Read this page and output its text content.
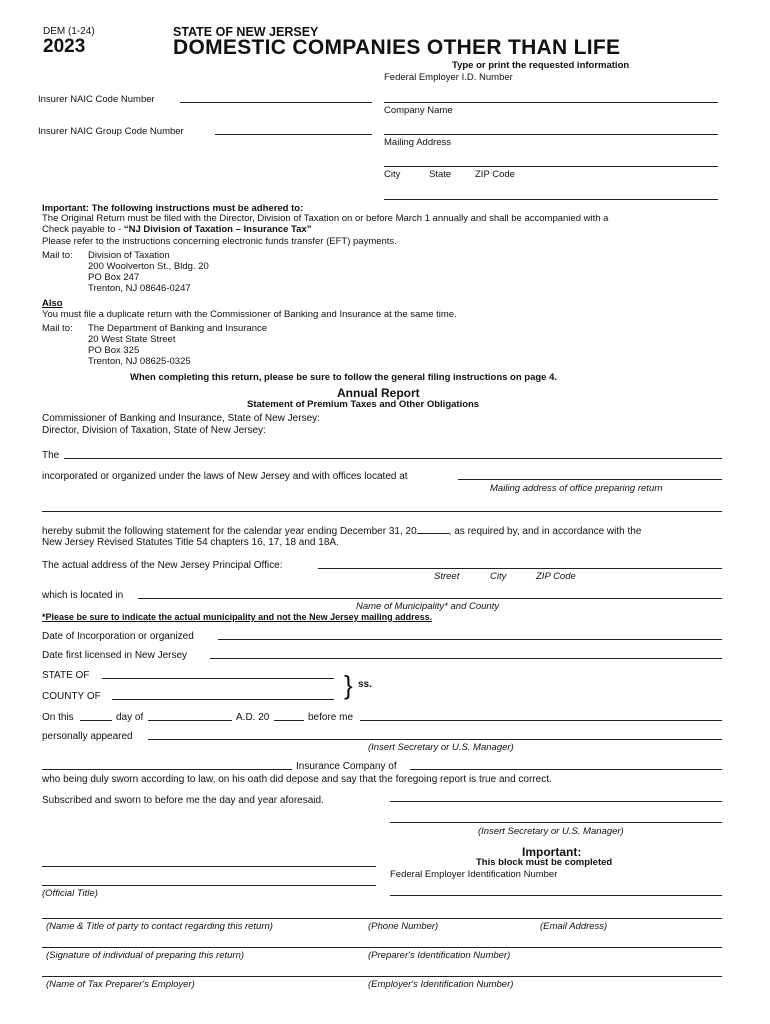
DEM (1-24)
2023
STATE OF NEW JERSEY
DOMESTIC COMPANIES OTHER THAN LIFE
Type or print the requested information
Federal Employer I.D. Number
Company Name
Mailing Address
City	State	ZIP Code
Insurer NAIC Code Number
Insurer NAIC Group Code Number
Important: The following instructions must be adhered to:
The Original Return must be filed with the Director, Division of Taxation on or before March 1 annually and shall be accompanied with a
Check payable to - “NJ Division of Taxation – Insurance Tax”
Please refer to the instructions concerning electronic funds transfer (EFT) payments.
Mail to: Division of Taxation
200 Woolverton St., Bldg. 20
PO Box 247
Trenton, NJ 08646-0247
Also
You must file a duplicate return with the Commissioner of Banking and Insurance at the same time.
Mail to: The Department of Banking and Insurance
20 West State Street
PO Box 325
Trenton, NJ 08625-0325
When completing this return, please be sure to follow the general filing instructions on page 4.
Annual Report
Statement of Premium Taxes and Other Obligations
Commissioner of Banking and Insurance, State of New Jersey:
Director, Division of Taxation, State of New Jersey:
The
incorporated or organized under the laws of New Jersey and with offices located at
Mailing address of office preparing return
hereby submit the following statement for the calendar year ending December 31, 20	, as required by, and in accordance with the
New Jersey Revised Statutes Title 54 chapters 16, 17, 18 and 18A.
The actual address of the New Jersey Principal Office:
Street	City	ZIP Code
which is located in
Name of Municipality* and County
*Please be sure to indicate the actual municipality and not the New Jersey mailing address.
Date of Incorporation or organized
Date first licensed in New Jersey
STATE OF
COUNTY OF	} ss.
On this	day of	A.D. 20	before me
personally appeared
(Insert Secretary or U.S. Manager)
Insurance Company of
who being duly sworn according to law, on his oath did depose and say that the foregoing report is true and correct.
Subscribed and sworn to before me the day and year aforesaid.
(Insert Secretary or U.S. Manager)
(Official Title)
Important:
This block must be completed
Federal Employer Identification Number
(Name & Title of party to contact regarding this return)	(Phone Number)	(Email Address)
(Signature of individual of preparing this return)	(Preparer's Identification Number)
(Name of Tax Preparer's Employer)	(Employer's Identification Number)
